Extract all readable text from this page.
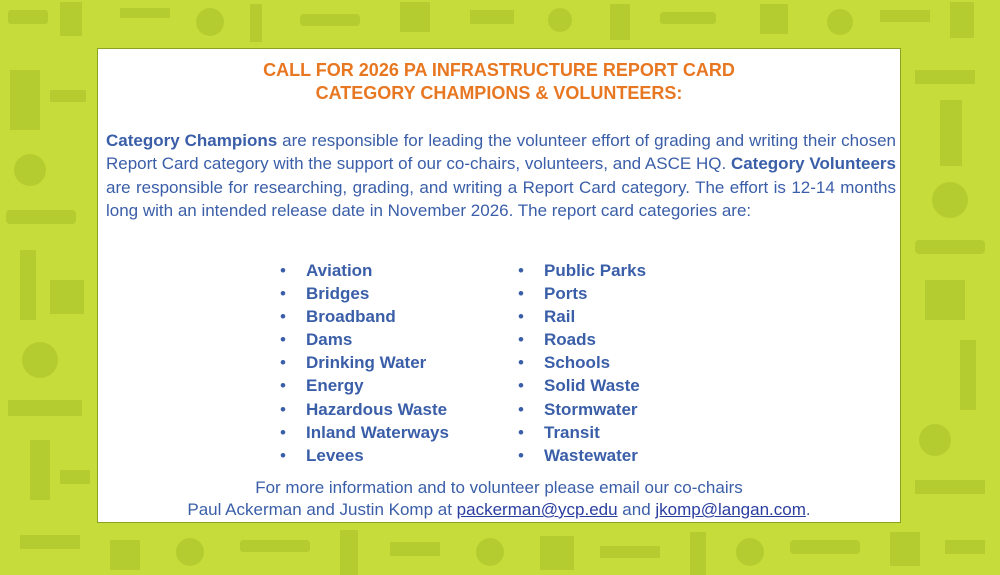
CALL FOR 2026 PA INFRASTRUCTURE REPORT CARD
CATEGORY CHAMPIONS & VOLUNTEERS:

Category Champions are responsible for leading the volunteer effort of grading and writing their chosen Report Card category with the support of our co-chairs, volunteers, and ASCE HQ. Category Volunteers are responsible for researching, grading, and writing a Report Card category. The effort is 12-14 months long with an intended release date in November 2026. The report card categories are:

• Aviation
• Bridges
• Broadband
• Dams
• Drinking Water
• Energy
• Hazardous Waste
• Inland Waterways
• Levees
• Public Parks
• Ports
• Rail
• Roads
• Schools
• Solid Waste
• Stormwater
• Transit
• Wastewater
For more information and to volunteer please email our co-chairs
Paul Ackerman and Justin Komp at packerman@ycp.edu and jkomp@langan.com.
